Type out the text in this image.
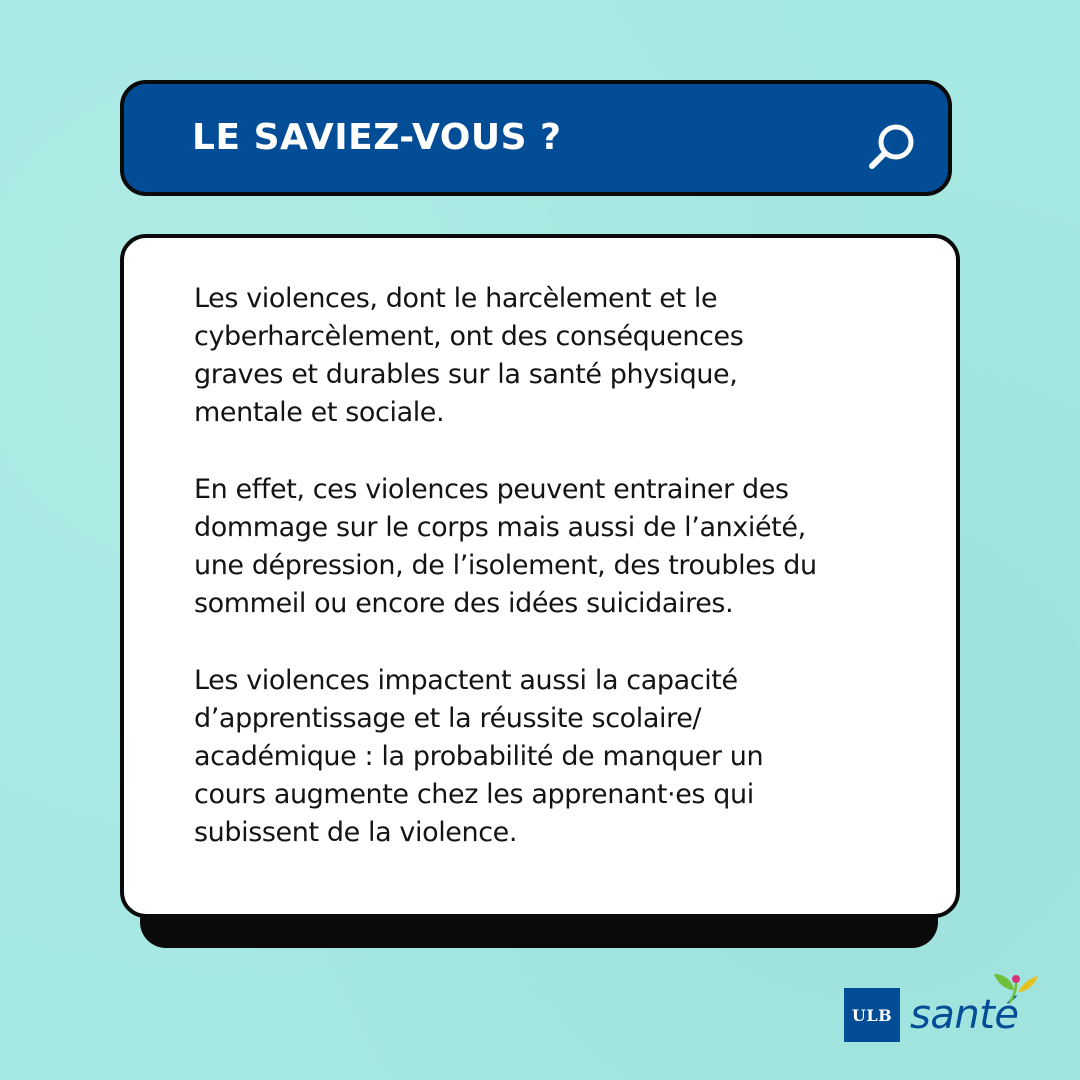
LE SAVIEZ-VOUS ?

Les violences, dont le harcèlement et le
cyberharcèlement, ont des conséquences
graves et durables sur la santé physique,
mentale et sociale.

En effet, ces violences peuvent entrainer des
dommage sur le corps mais aussi de l’anxiété,
une dépression, de l’isolement, des troubles du
sommeil ou encore des idées suicidaires.

Les violences impactent aussi la capacité
d’apprentissage et la réussite scolaire/
académique : la probabilité de manquer un
cours augmente chez les apprenant·es qui
subissent de la violence.

ULB santé
